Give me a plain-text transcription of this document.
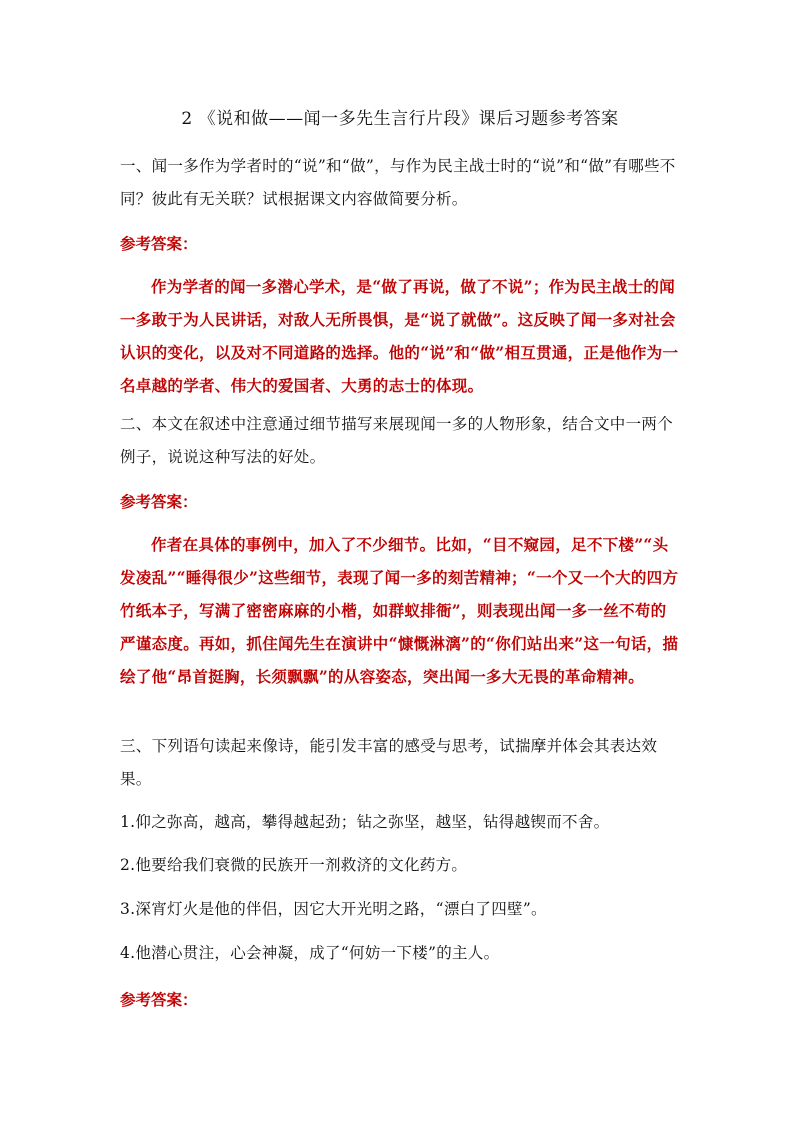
2 《说和做——闻一多先生言行片段》课后习题参考答案
一、闻一多作为学者时的“说”和“做”，与作为民主战士时的“说”和“做”有哪些不同？彼此有无关联？试根据课文内容做简要分析。
参考答案：
作为学者的闻一多潜心学术，是“做了再说，做了不说”；作为民主战士的闻一多敢于为人民讲话，对敌人无所畏惧，是“说了就做”。这反映了闻一多对社会认识的变化，以及对不同道路的选择。他的“说”和“做”相互贯通，正是他作为一名卓越的学者、伟大的爱国者、大勇的志士的体现。
二、本文在叙述中注意通过细节描写来展现闻一多的人物形象，结合文中一两个例子，说说这种写法的好处。
参考答案：
作者在具体的事例中，加入了不少细节。比如，“目不窥园，足不下楼”“头发凌乱”“睡得很少”这些细节，表现了闻一多的刻苦精神；“一个又一个大的四方竹纸本子，写满了密密麻麻的小楷，如群蚁排衙”，则表现出闻一多一丝不苟的严谨态度。再如，抓住闻先生在演讲中“慷慨淋漓”的“你们站出来”这一句话，描绘了他“昂首挺胸，长须飘飘”的从容姿态，突出闻一多大无畏的革命精神。
三、下列语句读起来像诗，能引发丰富的感受与思考，试揣摩并体会其表达效果。
1.仰之弥高，越高，攀得越起劲；钻之弥坚，越坚，钻得越锲而不舍。
2.他要给我们衰微的民族开一剂救济的文化药方。
3.深宵灯火是他的伴侣，因它大开光明之路，“漂白了四壁”。
4.他潜心贯注，心会神凝，成了“何妨一下楼”的主人。
参考答案：
